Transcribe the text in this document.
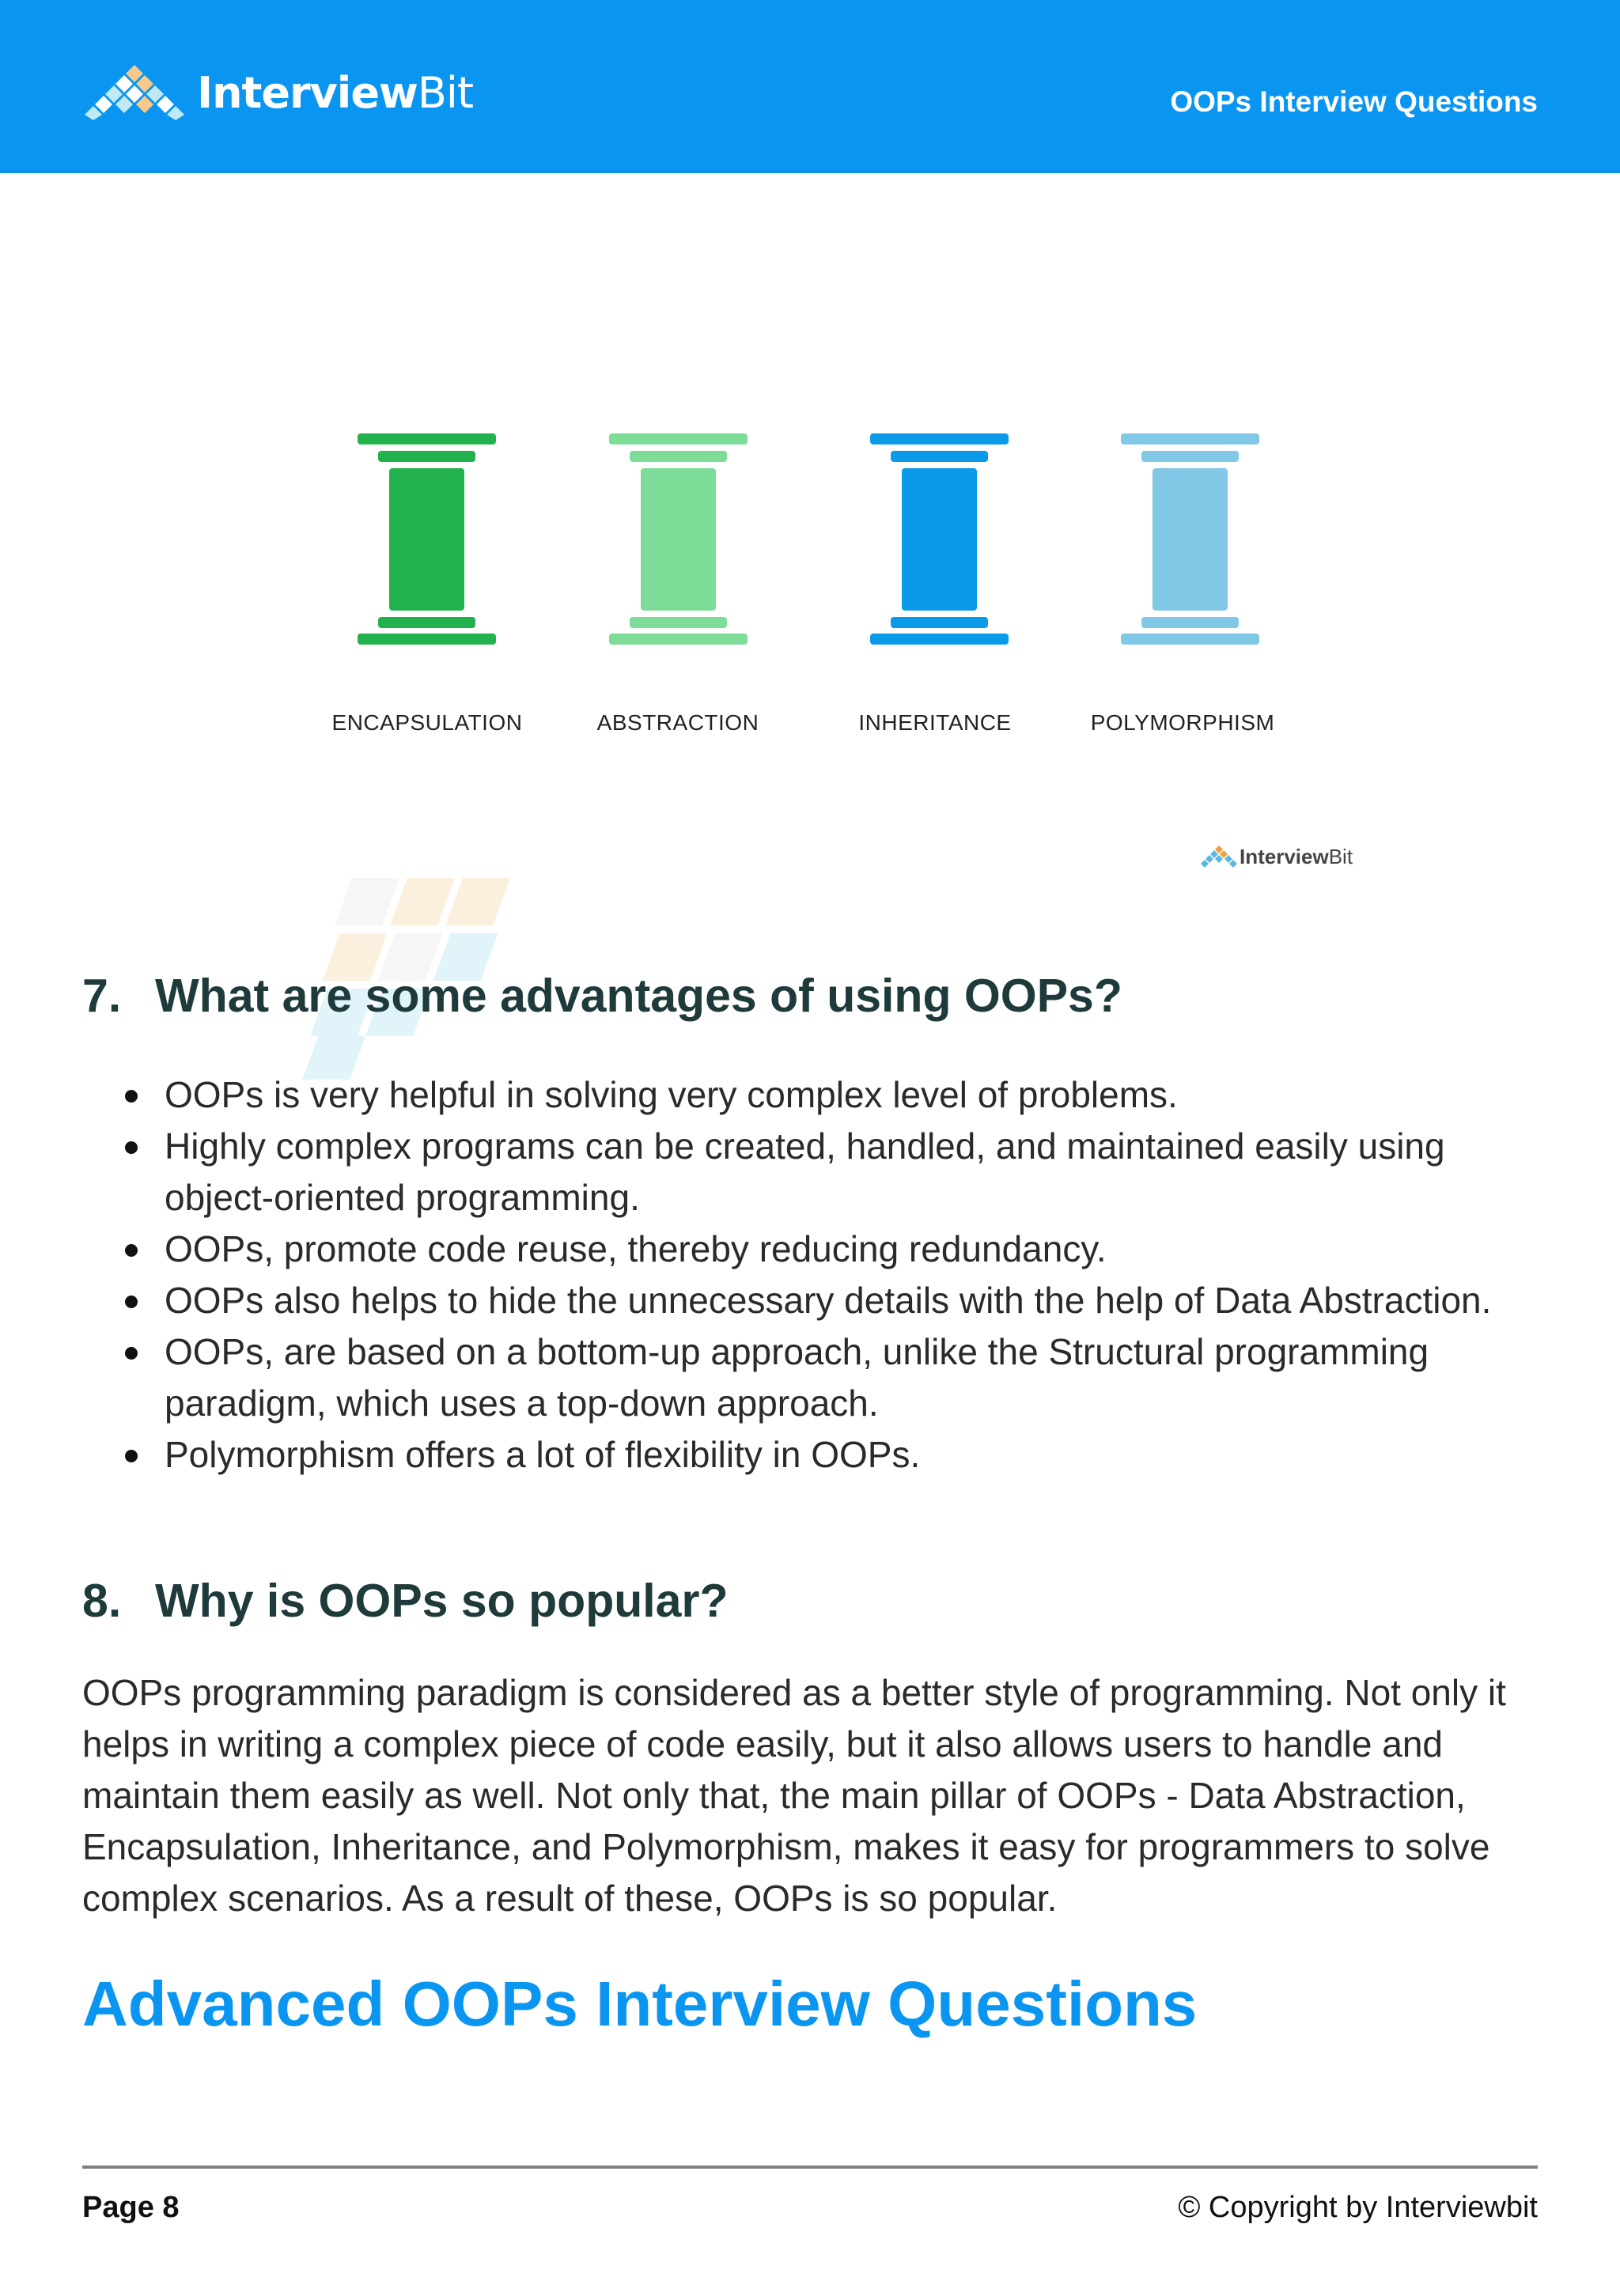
InterviewBit	OOPs Interview Questions
ENCAPSULATION	ABSTRACTION	INHERITANCE	POLYMORPHISM
InterviewBit
7. What are some advantages of using OOPs?
OOPs is very helpful in solving very complex level of problems.
Highly complex programs can be created, handled, and maintained easily using object-oriented programming.
OOPs, promote code reuse, thereby reducing redundancy.
OOPs also helps to hide the unnecessary details with the help of Data Abstraction.
OOPs, are based on a bottom-up approach, unlike the Structural programming paradigm, which uses a top-down approach.
Polymorphism offers a lot of flexibility in OOPs.
8. Why is OOPs so popular?
OOPs programming paradigm is considered as a better style of programming. Not only it helps in writing a complex piece of code easily, but it also allows users to handle and maintain them easily as well. Not only that, the main pillar of OOPs - Data Abstraction, Encapsulation, Inheritance, and Polymorphism, makes it easy for programmers to solve complex scenarios. As a result of these, OOPs is so popular.
Advanced OOPs Interview Questions
Page 8	© Copyright by Interviewbit
